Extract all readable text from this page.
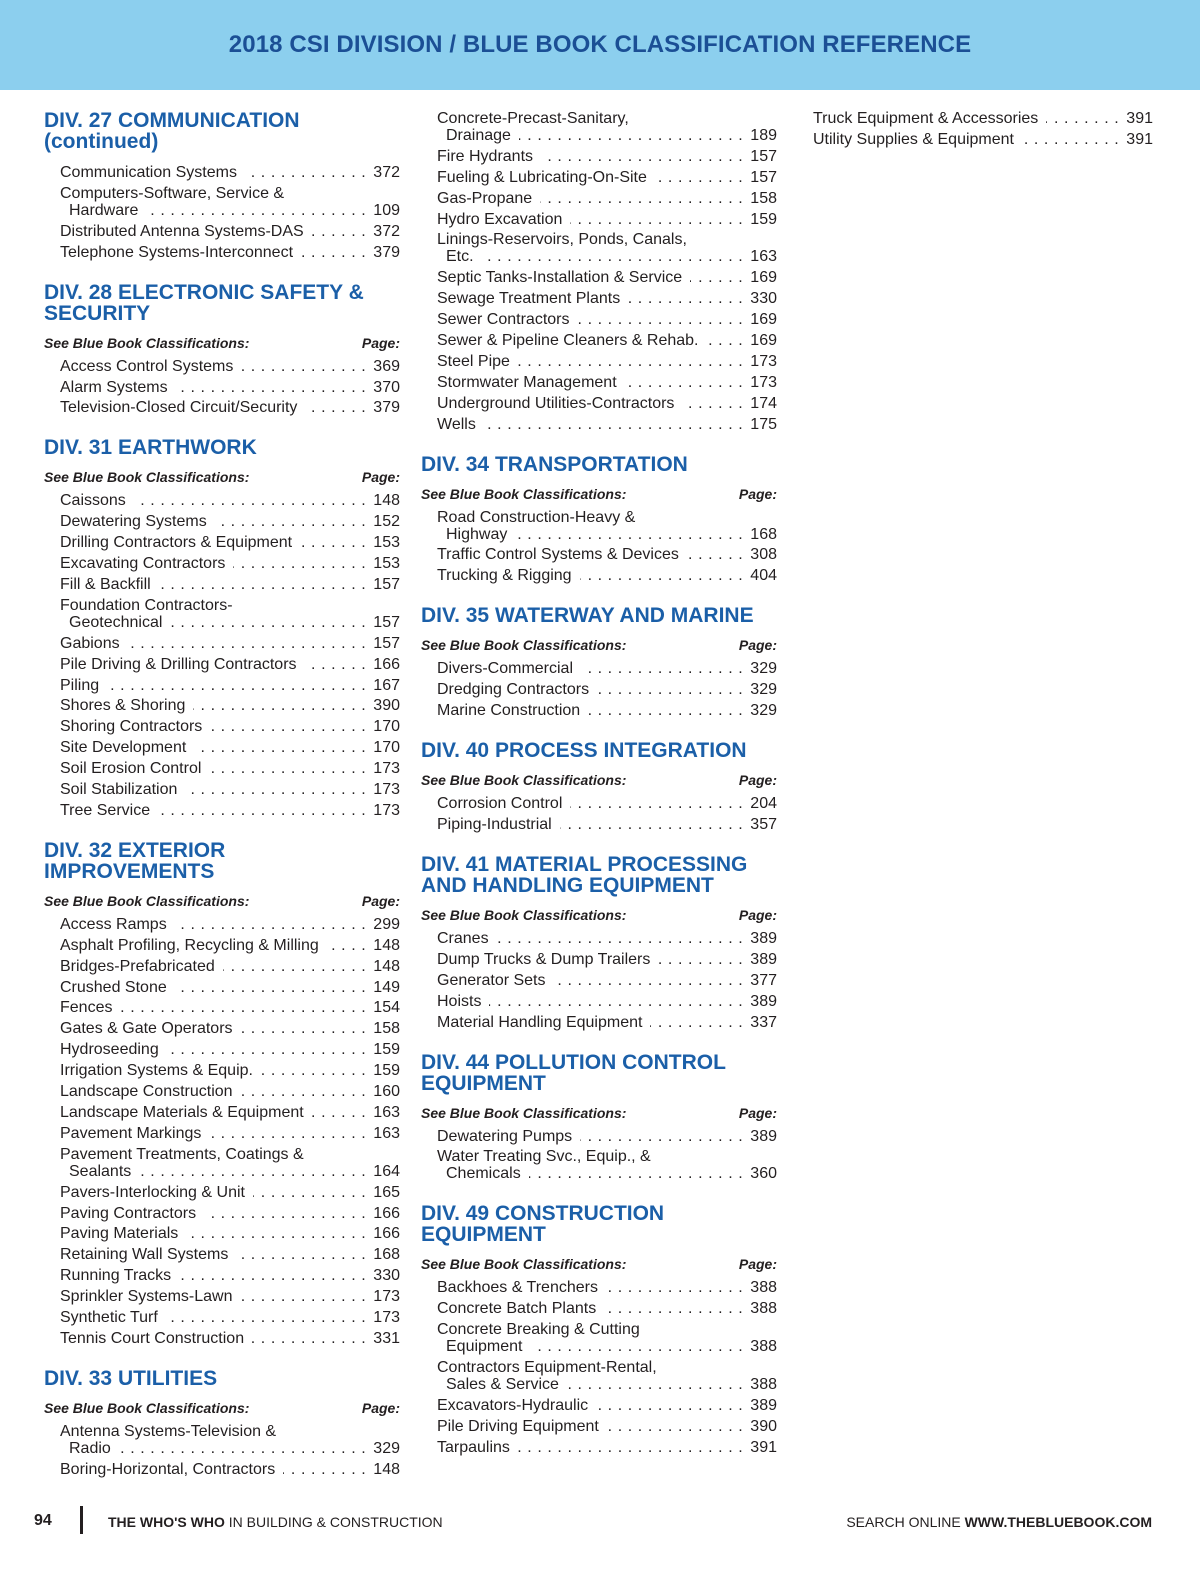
2018 CSI DIVISION / BLUE BOOK CLASSIFICATION REFERENCE
DIV. 27 COMMUNICATION
(continued)
Communication Systems .....	372
Computers-Software, Service &
Hardware .....	109
Distributed Antenna Systems-DAS .....	372
Telephone Systems-Interconnect .....	379
DIV. 28 ELECTRONIC SAFETY &
SECURITY
See Blue Book Classifications:	Page:
Access Control Systems .....	369
Alarm Systems .....	370
Television-Closed Circuit/Security .....	379
DIV. 31 EARTHWORK
See Blue Book Classifications:	Page:
Caissons .....	148
Dewatering Systems .....	152
Drilling Contractors & Equipment .....	153
Excavating Contractors .....	153
Fill & Backfill .....	157
Foundation Contractors-
Geotechnical .....	157
Gabions .....	157
Pile Driving & Drilling Contractors .....	166
Piling .....	167
Shores & Shoring .....	390
Shoring Contractors .....	170
Site Development .....	170
Soil Erosion Control .....	173
Soil Stabilization .....	173
Tree Service .....	173
DIV. 32 EXTERIOR IMPROVEMENTS
See Blue Book Classifications:	Page:
Access Ramps .....	299
Asphalt Profiling, Recycling & Milling .....	148
Bridges-Prefabricated .....	148
Crushed Stone .....	149
Fences .....	154
Gates & Gate Operators .....	158
Hydroseeding .....	159
Irrigation Systems & Equip. .....	159
Landscape Construction .....	160
Landscape Materials & Equipment .....	163
Pavement Markings .....	163
Pavement Treatments, Coatings &
Sealants .....	164
Pavers-Interlocking & Unit .....	165
Paving Contractors .....	166
Paving Materials .....	166
Retaining Wall Systems .....	168
Running Tracks .....	330
Sprinkler Systems-Lawn .....	173
Synthetic Turf .....	173
Tennis Court Construction .....	331
DIV. 33 UTILITIES
See Blue Book Classifications:	Page:
Antenna Systems-Television &
Radio .....	329
Boring-Horizontal, Contractors .....	148
Concrete-Precast-Sanitary,
Drainage .....	189
Fire Hydrants .....	157
Fueling & Lubricating-On-Site .....	157
Gas-Propane .....	158
Hydro Excavation .....	159
Linings-Reservoirs, Ponds, Canals,
Etc. .....	163
Septic Tanks-Installation & Service .....	169
Sewage Treatment Plants .....	330
Sewer Contractors .....	169
Sewer & Pipeline Cleaners & Rehab. .....	169
Steel Pipe .....	173
Stormwater Management .....	173
Underground Utilities-Contractors .....	174
Wells .....	175
DIV. 34 TRANSPORTATION
See Blue Book Classifications:	Page:
Road Construction-Heavy &
Highway .....	168
Traffic Control Systems & Devices .....	308
Trucking & Rigging .....	404
DIV. 35 WATERWAY AND MARINE
See Blue Book Classifications:	Page:
Divers-Commercial .....	329
Dredging Contractors .....	329
Marine Construction .....	329
DIV. 40 PROCESS INTEGRATION
See Blue Book Classifications:	Page:
Corrosion Control .....	204
Piping-Industrial .....	357
DIV. 41 MATERIAL PROCESSING
AND HANDLING EQUIPMENT
See Blue Book Classifications:	Page:
Cranes .....	389
Dump Trucks & Dump Trailers .....	389
Generator Sets .....	377
Hoists .....	389
Material Handling Equipment .....	337
DIV. 44 POLLUTION CONTROL
EQUIPMENT
See Blue Book Classifications:	Page:
Dewatering Pumps .....	389
Water Treating Svc., Equip., &
Chemicals .....	360
DIV. 49 CONSTRUCTION
EQUIPMENT
See Blue Book Classifications:	Page:
Backhoes & Trenchers .....	388
Concrete Batch Plants .....	388
Concrete Breaking & Cutting
Equipment .....	388
Contractors Equipment-Rental,
Sales & Service .....	388
Excavators-Hydraulic .....	389
Pile Driving Equipment .....	390
Tarpaulins .....	391
Truck Equipment & Accessories .....	391
Utility Supplies & Equipment .....	391
94	THE WHO'S WHO IN BUILDING & CONSTRUCTION	SEARCH ONLINE WWW.THEBLUEBOOK.COM
